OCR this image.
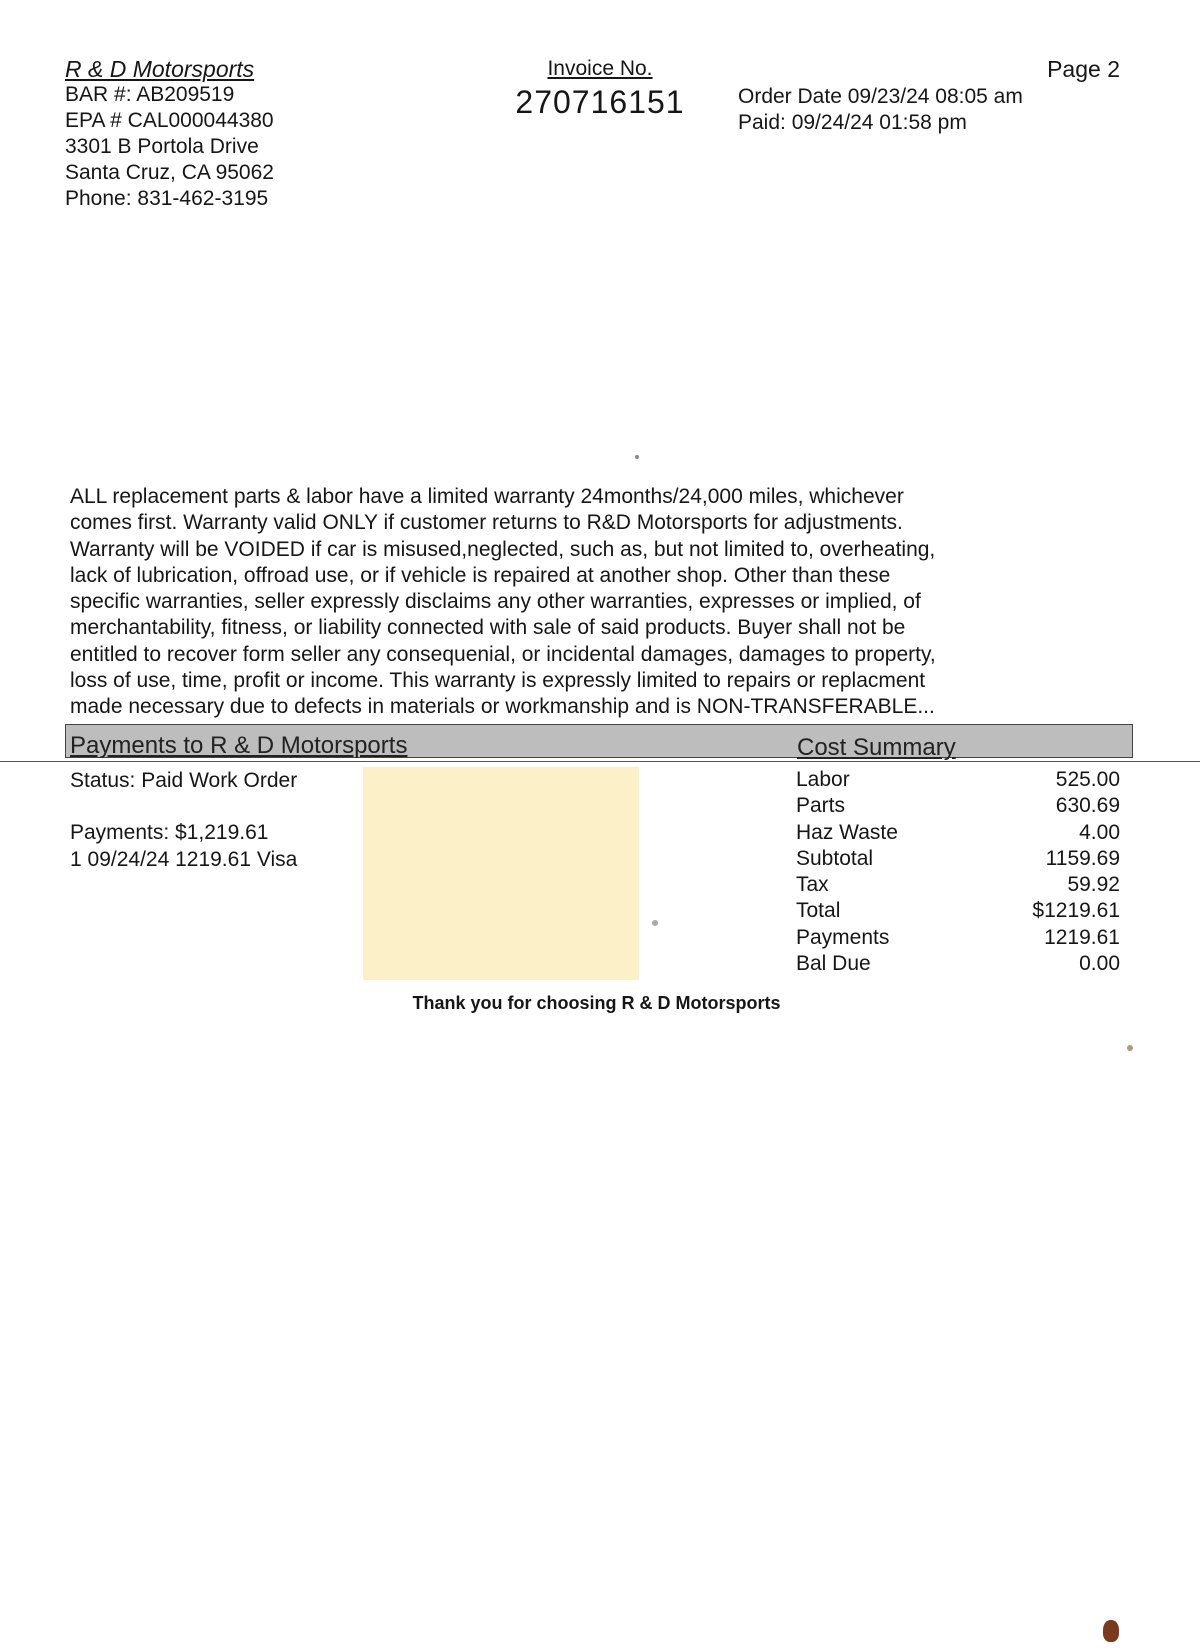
R & D Motorsports
BAR #: AB209519
EPA # CAL000044380
3301 B Portola Drive
Santa Cruz, CA 95062
Phone: 831-462-3195
Invoice No.
270716151
Page 2
Order Date 09/23/24 08:05 am
Paid: 09/24/24 01:58 pm
ALL replacement parts & labor have a limited warranty 24months/24,000 miles, whichever
comes first. Warranty valid ONLY if customer returns to R&D Motorsports for adjustments.
Warranty will be VOIDED if car is misused,neglected, such as, but not limited to, overheating,
lack of lubrication, offroad use, or if vehicle is repaired at another shop. Other than these
specific warranties, seller expressly disclaims any other warranties, expresses or implied, of
merchantability, fitness, or liability connected with sale of said products. Buyer shall not be
entitled to recover form seller any consequenial, or incidental damages, damages to property,
loss of use, time, profit or income. This warranty is expressly limited to repairs or replacment
made necessary due to defects in materials or workmanship and is NON-TRANSFERABLE...
Payments to R & D Motorsports	Cost Summary
Status: Paid Work Order
Payments: $1,219.61
1 09/24/24 1219.61 Visa
Labor	525.00
Parts	630.69
Haz Waste	4.00
Subtotal	1159.69
Tax	59.92
Total	$1219.61
Payments	1219.61
Bal Due	0.00
Thank you for choosing R & D Motorsports
